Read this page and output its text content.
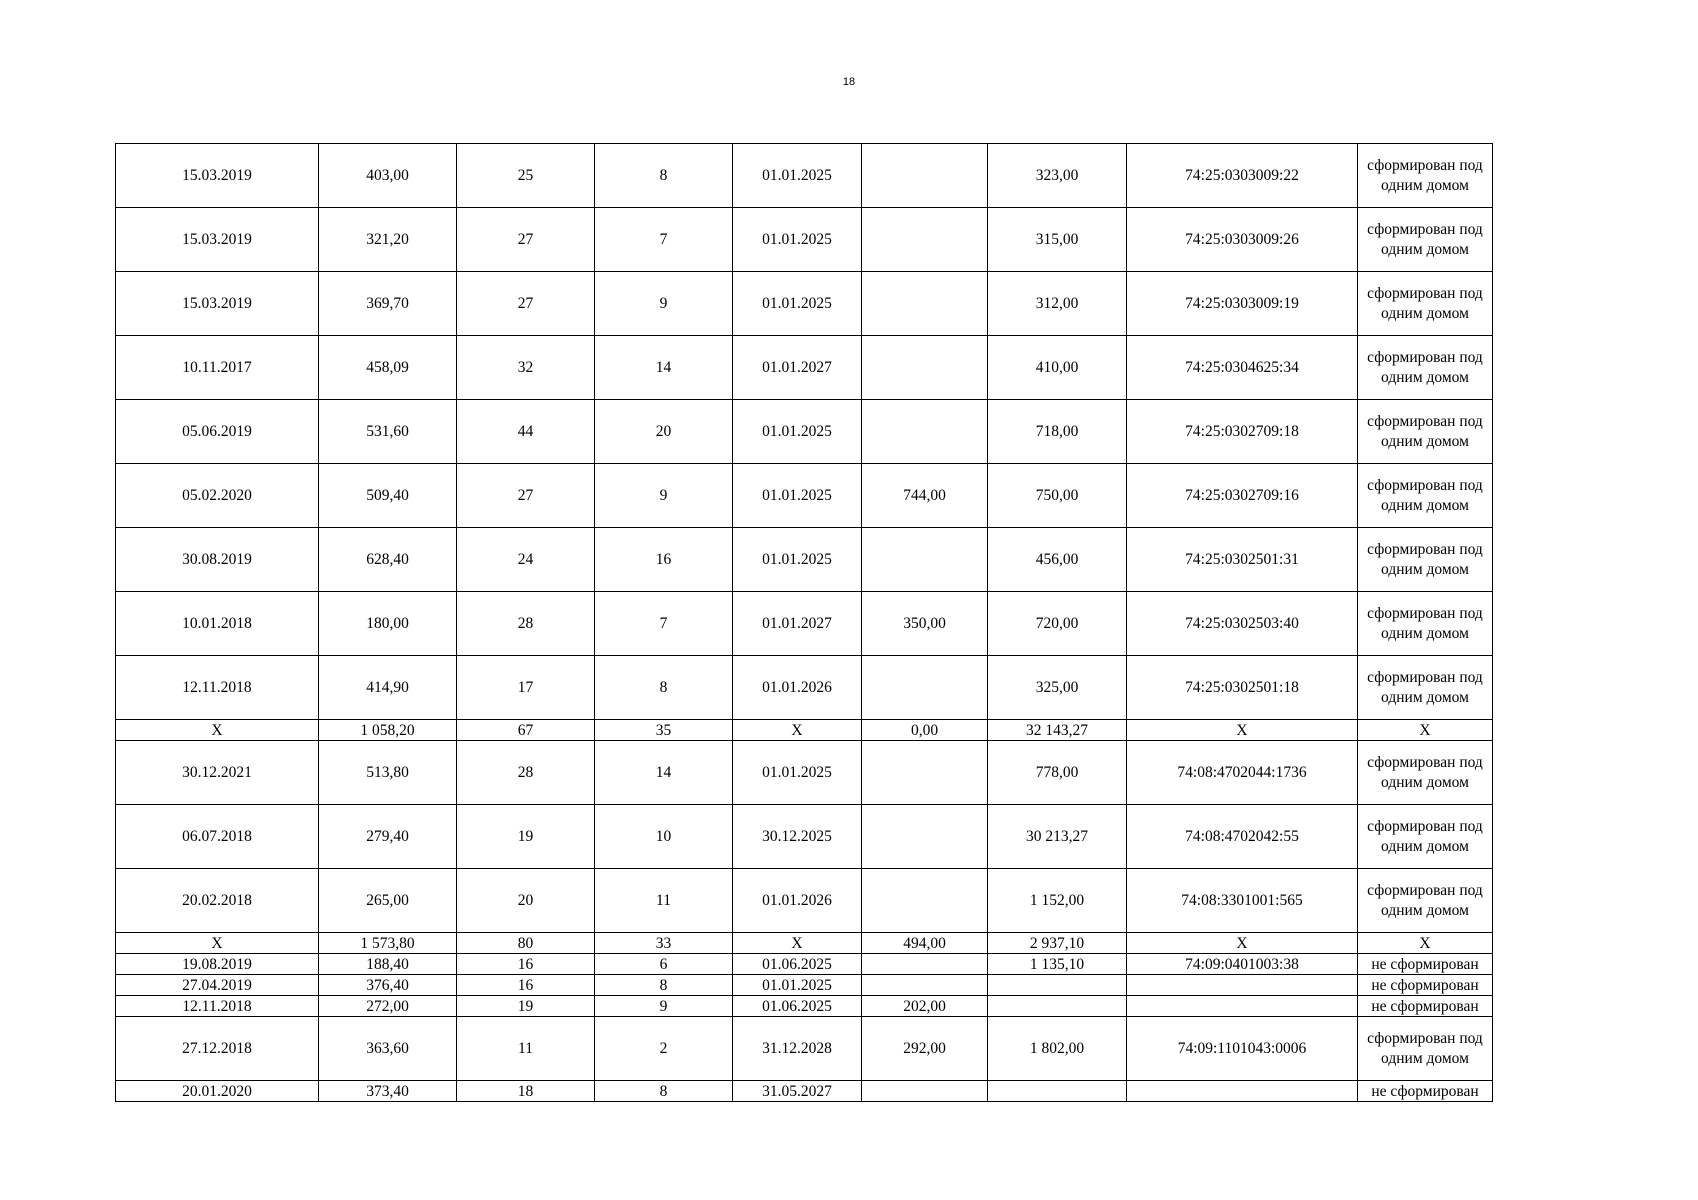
18
15.03.2019	403,00	25	8	01.01.2025		323,00	74:25:0303009:22	сформирован под одним домом
15.03.2019	321,20	27	7	01.01.2025		315,00	74:25:0303009:26	сформирован под одним домом
15.03.2019	369,70	27	9	01.01.2025		312,00	74:25:0303009:19	сформирован под одним домом
10.11.2017	458,09	32	14	01.01.2027		410,00	74:25:0304625:34	сформирован под одним домом
05.06.2019	531,60	44	20	01.01.2025		718,00	74:25:0302709:18	сформирован под одним домом
05.02.2020	509,40	27	9	01.01.2025	744,00	750,00	74:25:0302709:16	сформирован под одним домом
30.08.2019	628,40	24	16	01.01.2025		456,00	74:25:0302501:31	сформирован под одним домом
10.01.2018	180,00	28	7	01.01.2027	350,00	720,00	74:25:0302503:40	сформирован под одним домом
12.11.2018	414,90	17	8	01.01.2026		325,00	74:25:0302501:18	сформирован под одним домом
X	1 058,20	67	35	X	0,00	32 143,27	X	X
30.12.2021	513,80	28	14	01.01.2025		778,00	74:08:4702044:1736	сформирован под одним домом
06.07.2018	279,40	19	10	30.12.2025		30 213,27	74:08:4702042:55	сформирован под одним домом
20.02.2018	265,00	20	11	01.01.2026		1 152,00	74:08:3301001:565	сформирован под одним домом
X	1 573,80	80	33	X	494,00	2 937,10	X	X
19.08.2019	188,40	16	6	01.06.2025		1 135,10	74:09:0401003:38	не сформирован
27.04.2019	376,40	16	8	01.01.2025				не сформирован
12.11.2018	272,00	19	9	01.06.2025	202,00			не сформирован
27.12.2018	363,60	11	2	31.12.2028	292,00	1 802,00	74:09:1101043:0006	сформирован под одним домом
20.01.2020	373,40	18	8	31.05.2027				не сформирован
